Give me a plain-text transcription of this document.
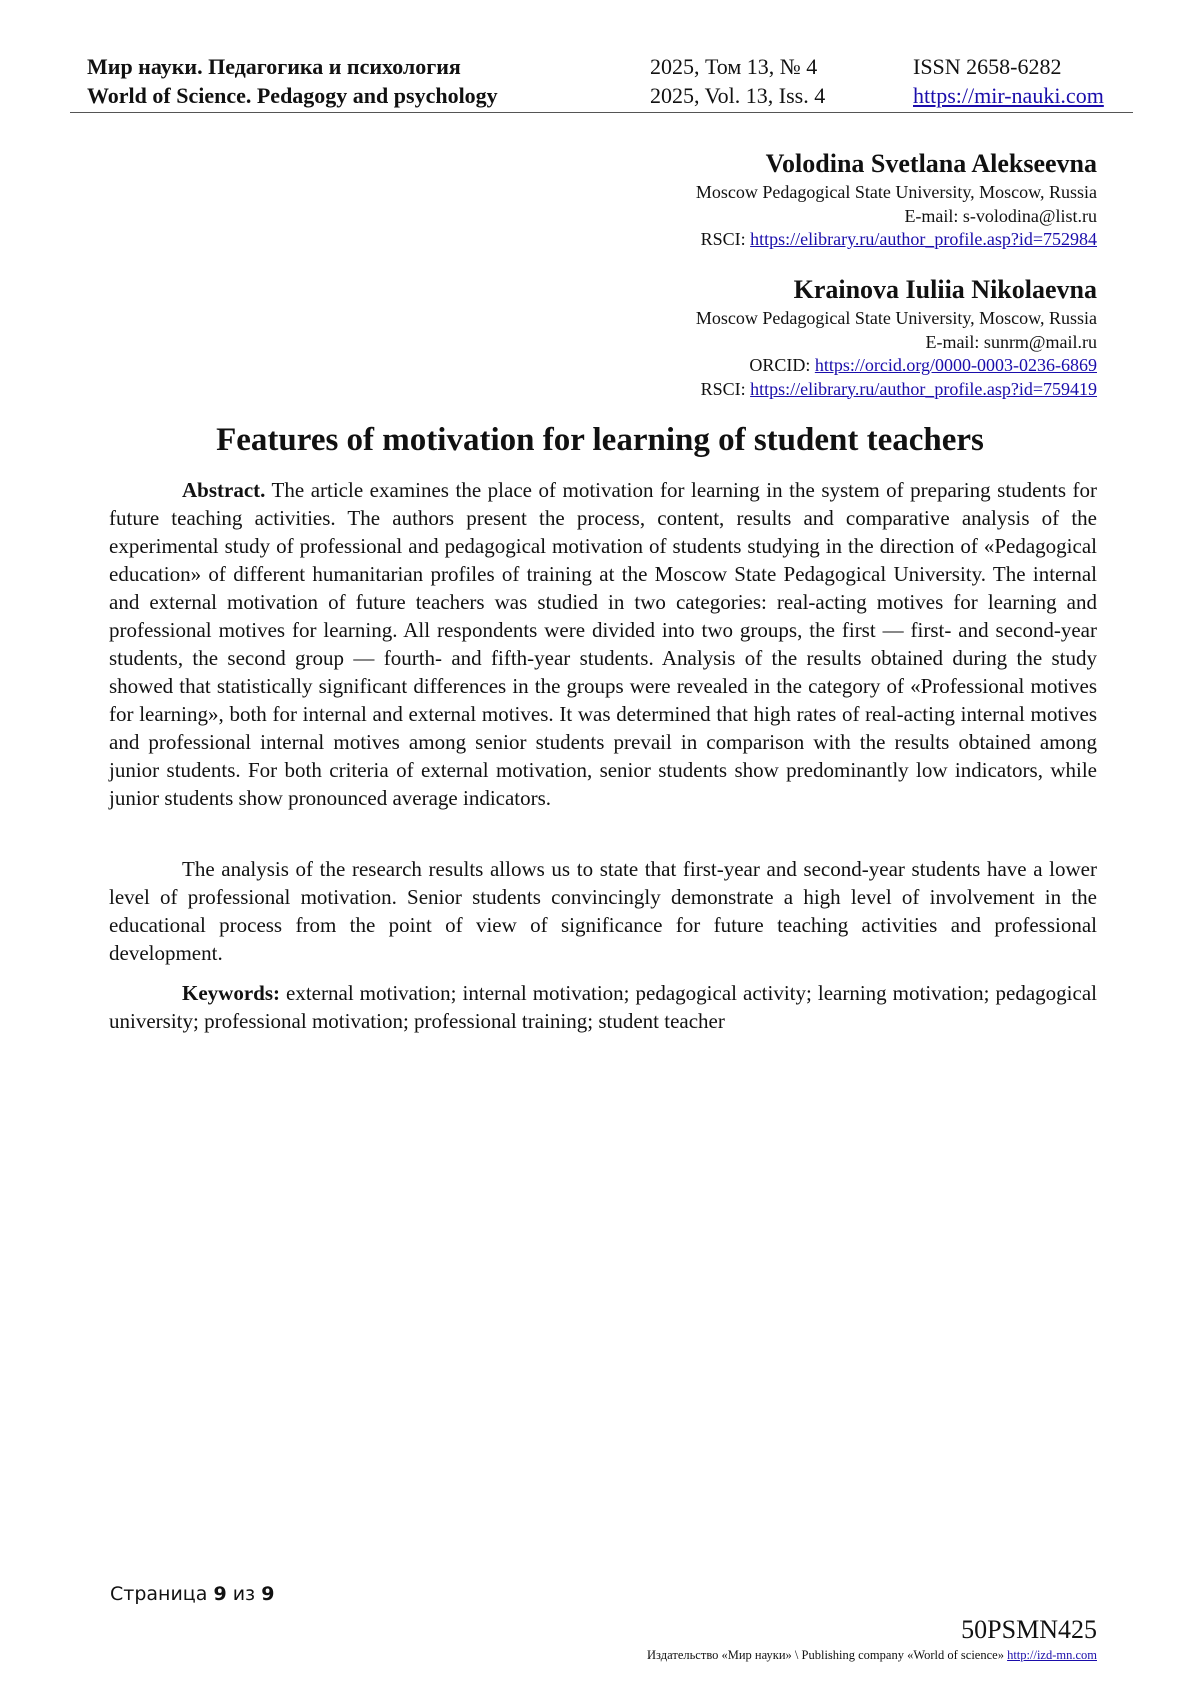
Мир науки. Педагогика и психология
World of Science. Pedagogy and psychology
2025, Том 13, № 4
2025, Vol. 13, Iss. 4
ISSN 2658-6282
https://mir-nauki.com
Volodina Svetlana Alekseevna
Moscow Pedagogical State University, Moscow, Russia
E-mail: s-volodina@list.ru
RSCI: https://elibrary.ru/author_profile.asp?id=752984
Krainova Iuliia Nikolaevna
Moscow Pedagogical State University, Moscow, Russia
E-mail: sunrm@mail.ru
ORCID: https://orcid.org/0000-0003-0236-6869
RSCI: https://elibrary.ru/author_profile.asp?id=759419
Features of motivation for learning of student teachers

Abstract. The article examines the place of motivation for learning in the system of preparing students for future teaching activities. The authors present the process, content, results and comparative analysis of the experimental study of professional and pedagogical motivation of students studying in the direction of «Pedagogical education» of different humanitarian profiles of training at the Moscow State Pedagogical University. The internal and external motivation of future teachers was studied in two categories: real-acting motives for learning and professional motives for learning. All respondents were divided into two groups, the first — first- and second-year students, the second group — fourth- and fifth-year students. Analysis of the results obtained during the study showed that statistically significant differences in the groups were revealed in the category of «Professional motives for learning», both for internal and external motives. It was determined that high rates of real-acting internal motives and professional internal motives among senior students prevail in comparison with the results obtained among junior students. For both criteria of external motivation, senior students show predominantly low indicators, while junior students show pronounced average indicators.

The analysis of the research results allows us to state that first-year and second-year students have a lower level of professional motivation. Senior students convincingly demonstrate a high level of involvement in the educational process from the point of view of significance for future teaching activities and professional development.

Keywords: external motivation; internal motivation; pedagogical activity; learning motivation; pedagogical university; professional motivation; professional training; student teacher

Страница 9 из 9
50PSMN425
Издательство «Мир науки» \ Publishing company «World of science» http://izd-mn.com
